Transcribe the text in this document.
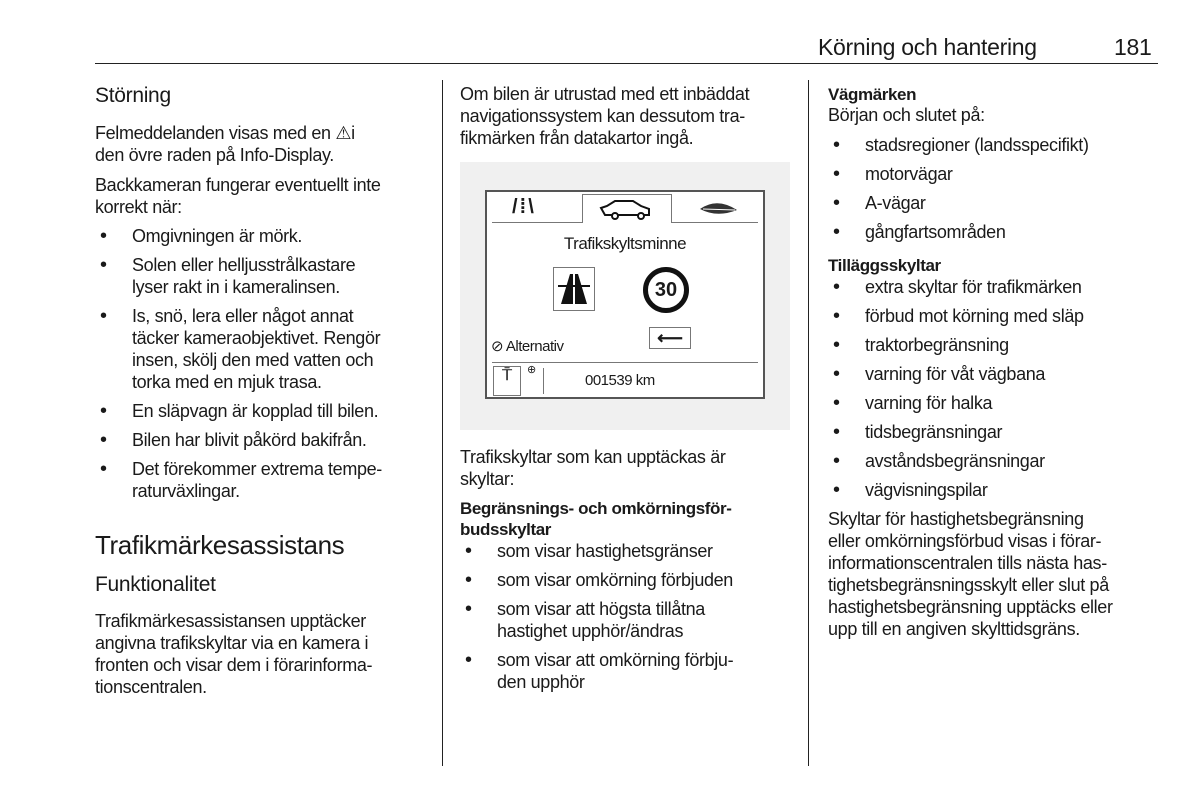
Körning och hantering	181
Störning
Felmeddelanden visas med en ⚠i
den övre raden på Info-Display.
Backkameran fungerar eventuellt inte
korrekt när:
• Omgivningen är mörk.
• Solen eller helljusstrålkastare
lyser rakt in i kameralinsen.
• Is, snö, lera eller något annat
täcker kameraobjektivet. Rengör
insen, skölj den med vatten och
torka med en mjuk trasa.
• En släpvagn är kopplad till bilen.
• Bilen har blivit påkörd bakifrån.
• Det förekommer extrema tempe-
raturväxlingar.
Trafikmärkesassistans
Funktionalitet
Trafikmärkesassistansen upptäcker
angivna trafikskyltar via en kamera i
fronten och visar dem i förarinforma-
tionscentralen.
Om bilen är utrustad med ett inbäddat
navigationssystem kan dessutom tra-
fikmärken från datakartor ingå.
/⁞\
Trafikskyltsminne
30
⟵
⊘ Alternativ
⍑	⊕
001539 km
Trafikskyltar som kan upptäckas är
skyltar:
Begränsnings- och omkörningsför-
budsskyltar
• som visar hastighetsgränser
• som visar omkörning förbjuden
• som visar att högsta tillåtna
hastighet upphör/ändras
• som visar att omkörning förbju-
den upphör
Vägmärken
Början och slutet på:
• stadsregioner (landsspecifikt)
• motorvägar
• A-vägar
• gångfartsområden
Tilläggsskyltar
• extra skyltar för trafikmärken
• förbud mot körning med släp
• traktorbegränsning
• varning för våt vägbana
• varning för halka
• tidsbegränsningar
• avståndsbegränsningar
• vägvisningspilar
Skyltar för hastighetsbegränsning
eller omkörningsförbud visas i förar-
informationscentralen tills nästa has-
tighetsbegränsningsskylt eller slut på
hastighetsbegränsning upptäcks eller
upp till en angiven skylttidsgräns.
